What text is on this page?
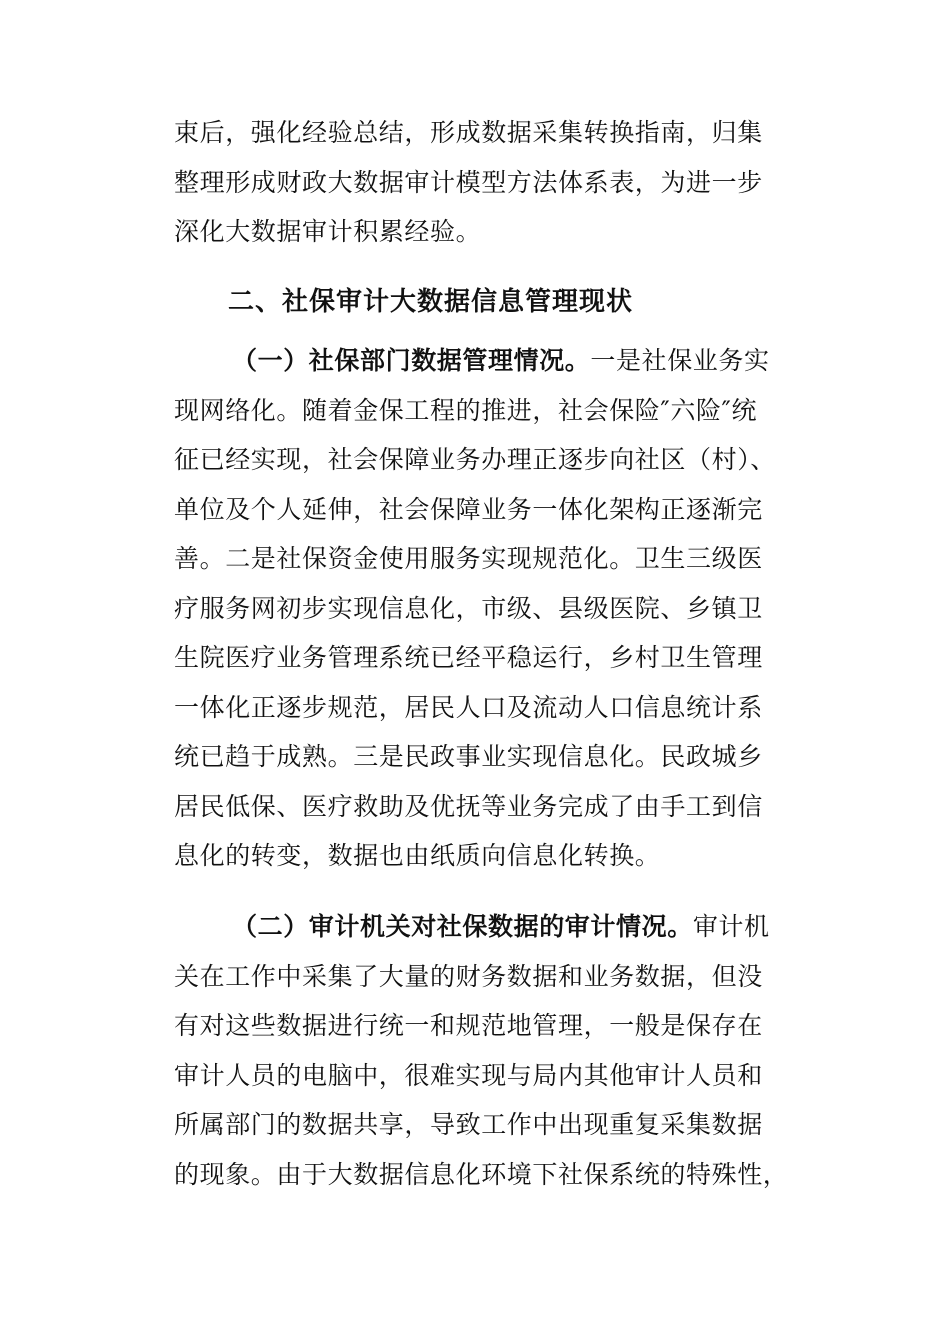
束后，强化经验总结，形成数据采集转换指南，归集
整理形成财政大数据审计模型方法体系表，为进一步
深化大数据审计积累经验。
二、社保审计大数据信息管理现状
（一）社保部门数据管理情况。一是社保业务实
现网络化。随着金保工程的推进，社会保险″六险″统
征已经实现，社会保障业务办理正逐步向社区（村）、
单位及个人延伸，社会保障业务一体化架构正逐渐完
善。二是社保资金使用服务实现规范化。卫生三级医
疗服务网初步实现信息化，市级、县级医院、乡镇卫
生院医疗业务管理系统已经平稳运行，乡村卫生管理
一体化正逐步规范，居民人口及流动人口信息统计系
统已趋于成熟。三是民政事业实现信息化。民政城乡
居民低保、医疗救助及优抚等业务完成了由手工到信
息化的转变，数据也由纸质向信息化转换。
（二）审计机关对社保数据的审计情况。审计机
关在工作中采集了大量的财务数据和业务数据，但没
有对这些数据进行统一和规范地管理，一般是保存在
审计人员的电脑中，很难实现与局内其他审计人员和
所属部门的数据共享，导致工作中出现重复采集数据
的现象。由于大数据信息化环境下社保系统的特殊性，
